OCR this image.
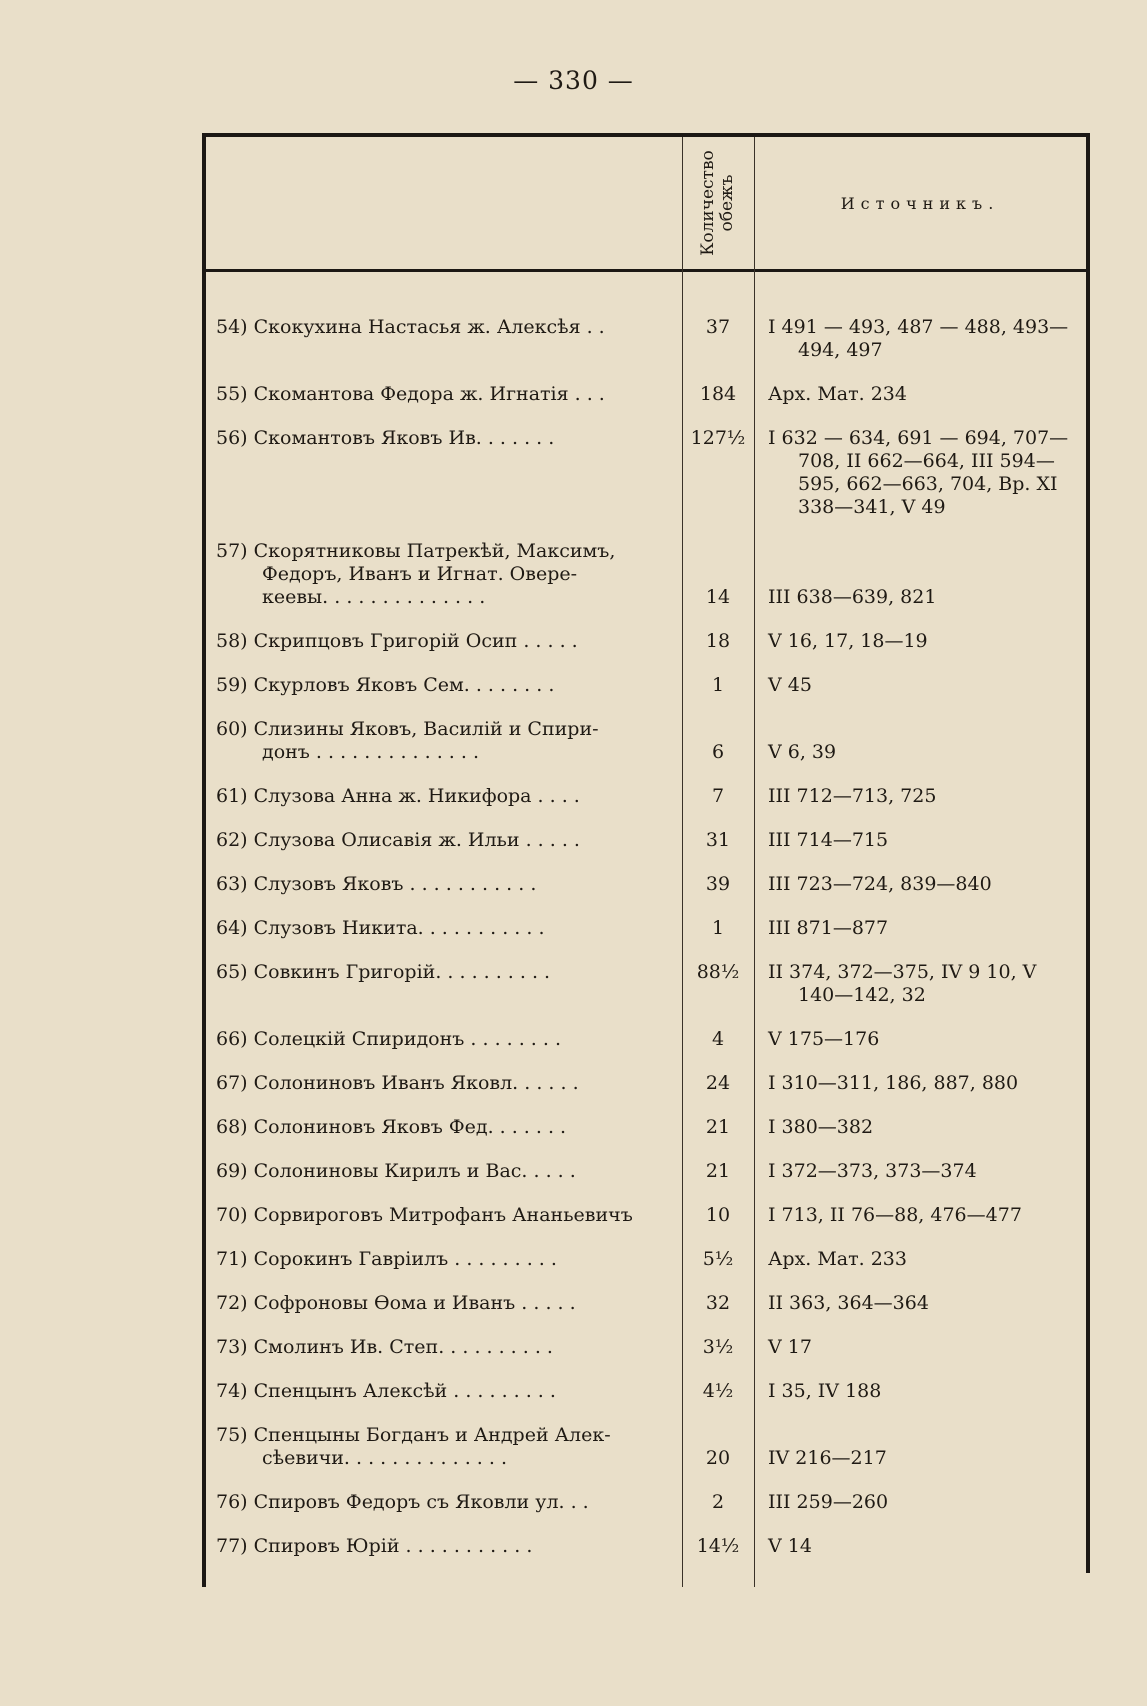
— 330 —
Количество обежъ	Источникъ.
54) Скокухина Настасья ж. Алексѣя . .	37	I 491 — 493, 487 — 488, 493—
494, 497
55) Скомантова Федора ж. Игнатія . . .	184	Арх. Мат. 234
56) Скомантовъ Яковъ Ив. . . . . . .	127½	I 632 — 634, 691 — 694, 707—
708, II 662—664, III 594—
595, 662—663, 704, Вр. XI
338—341, V 49
57) Скорятниковы Патрекѣй, Максимъ,
Федоръ, Иванъ и Игнат. Овере-
кеевы. . . . . . . . . . . . . .	14	III 638—639, 821
58) Скрипцовъ Григорій Осип . . . . .	18	V 16, 17, 18—19
59) Скурловъ Яковъ Сем. . . . . . . .	1	V 45
60) Слизины Яковъ, Василій и Спири-
донъ . . . . . . . . . . . . . .	6	V 6, 39
61) Слузова Анна ж. Никифора . . . .	7	III 712—713, 725
62) Слузова Олисавія ж. Ильи . . . . .	31	III 714—715
63) Слузовъ Яковъ . . . . . . . . . . .	39	III 723—724, 839—840
64) Слузовъ Никита. . . . . . . . . . .	1	III 871—877
65) Совкинъ Григорій. . . . . . . . . .	88½	II 374, 372—375, IV 9 10, V
140—142, 32
66) Солецкій Спиридонъ . . . . . . . .	4	V 175—176
67) Солониновъ Иванъ Яковл. . . . . .	24	I 310—311, 186, 887, 880
68) Солониновъ Яковъ Фед. . . . . . .	21	I 380—382
69) Солониновы Кирилъ и Вас. . . . .	21	I 372—373, 373—374
70) Сорвироговъ Митрофанъ Ананьевичъ	10	I 713, II 76—88, 476—477
71) Сорокинъ Гавріилъ . . . . . . . . .	5½	Арх. Мат. 233
72) Софроновы Ѳома и Иванъ . . . . .	32	II 363, 364—364
73) Смолинъ Ив. Степ. . . . . . . . . .	3½	V 17
74) Спенцынъ Алексѣй . . . . . . . . .	4½	I 35, IV 188
75) Спенцыны Богданъ и Андрей Алек-
сѣевичи. . . . . . . . . . . . . .	20	IV 216—217
76) Спировъ Федоръ съ Яковли ул. . .	2	III 259—260
77) Спировъ Юрій . . . . . . . . . . .	14½	V 14
